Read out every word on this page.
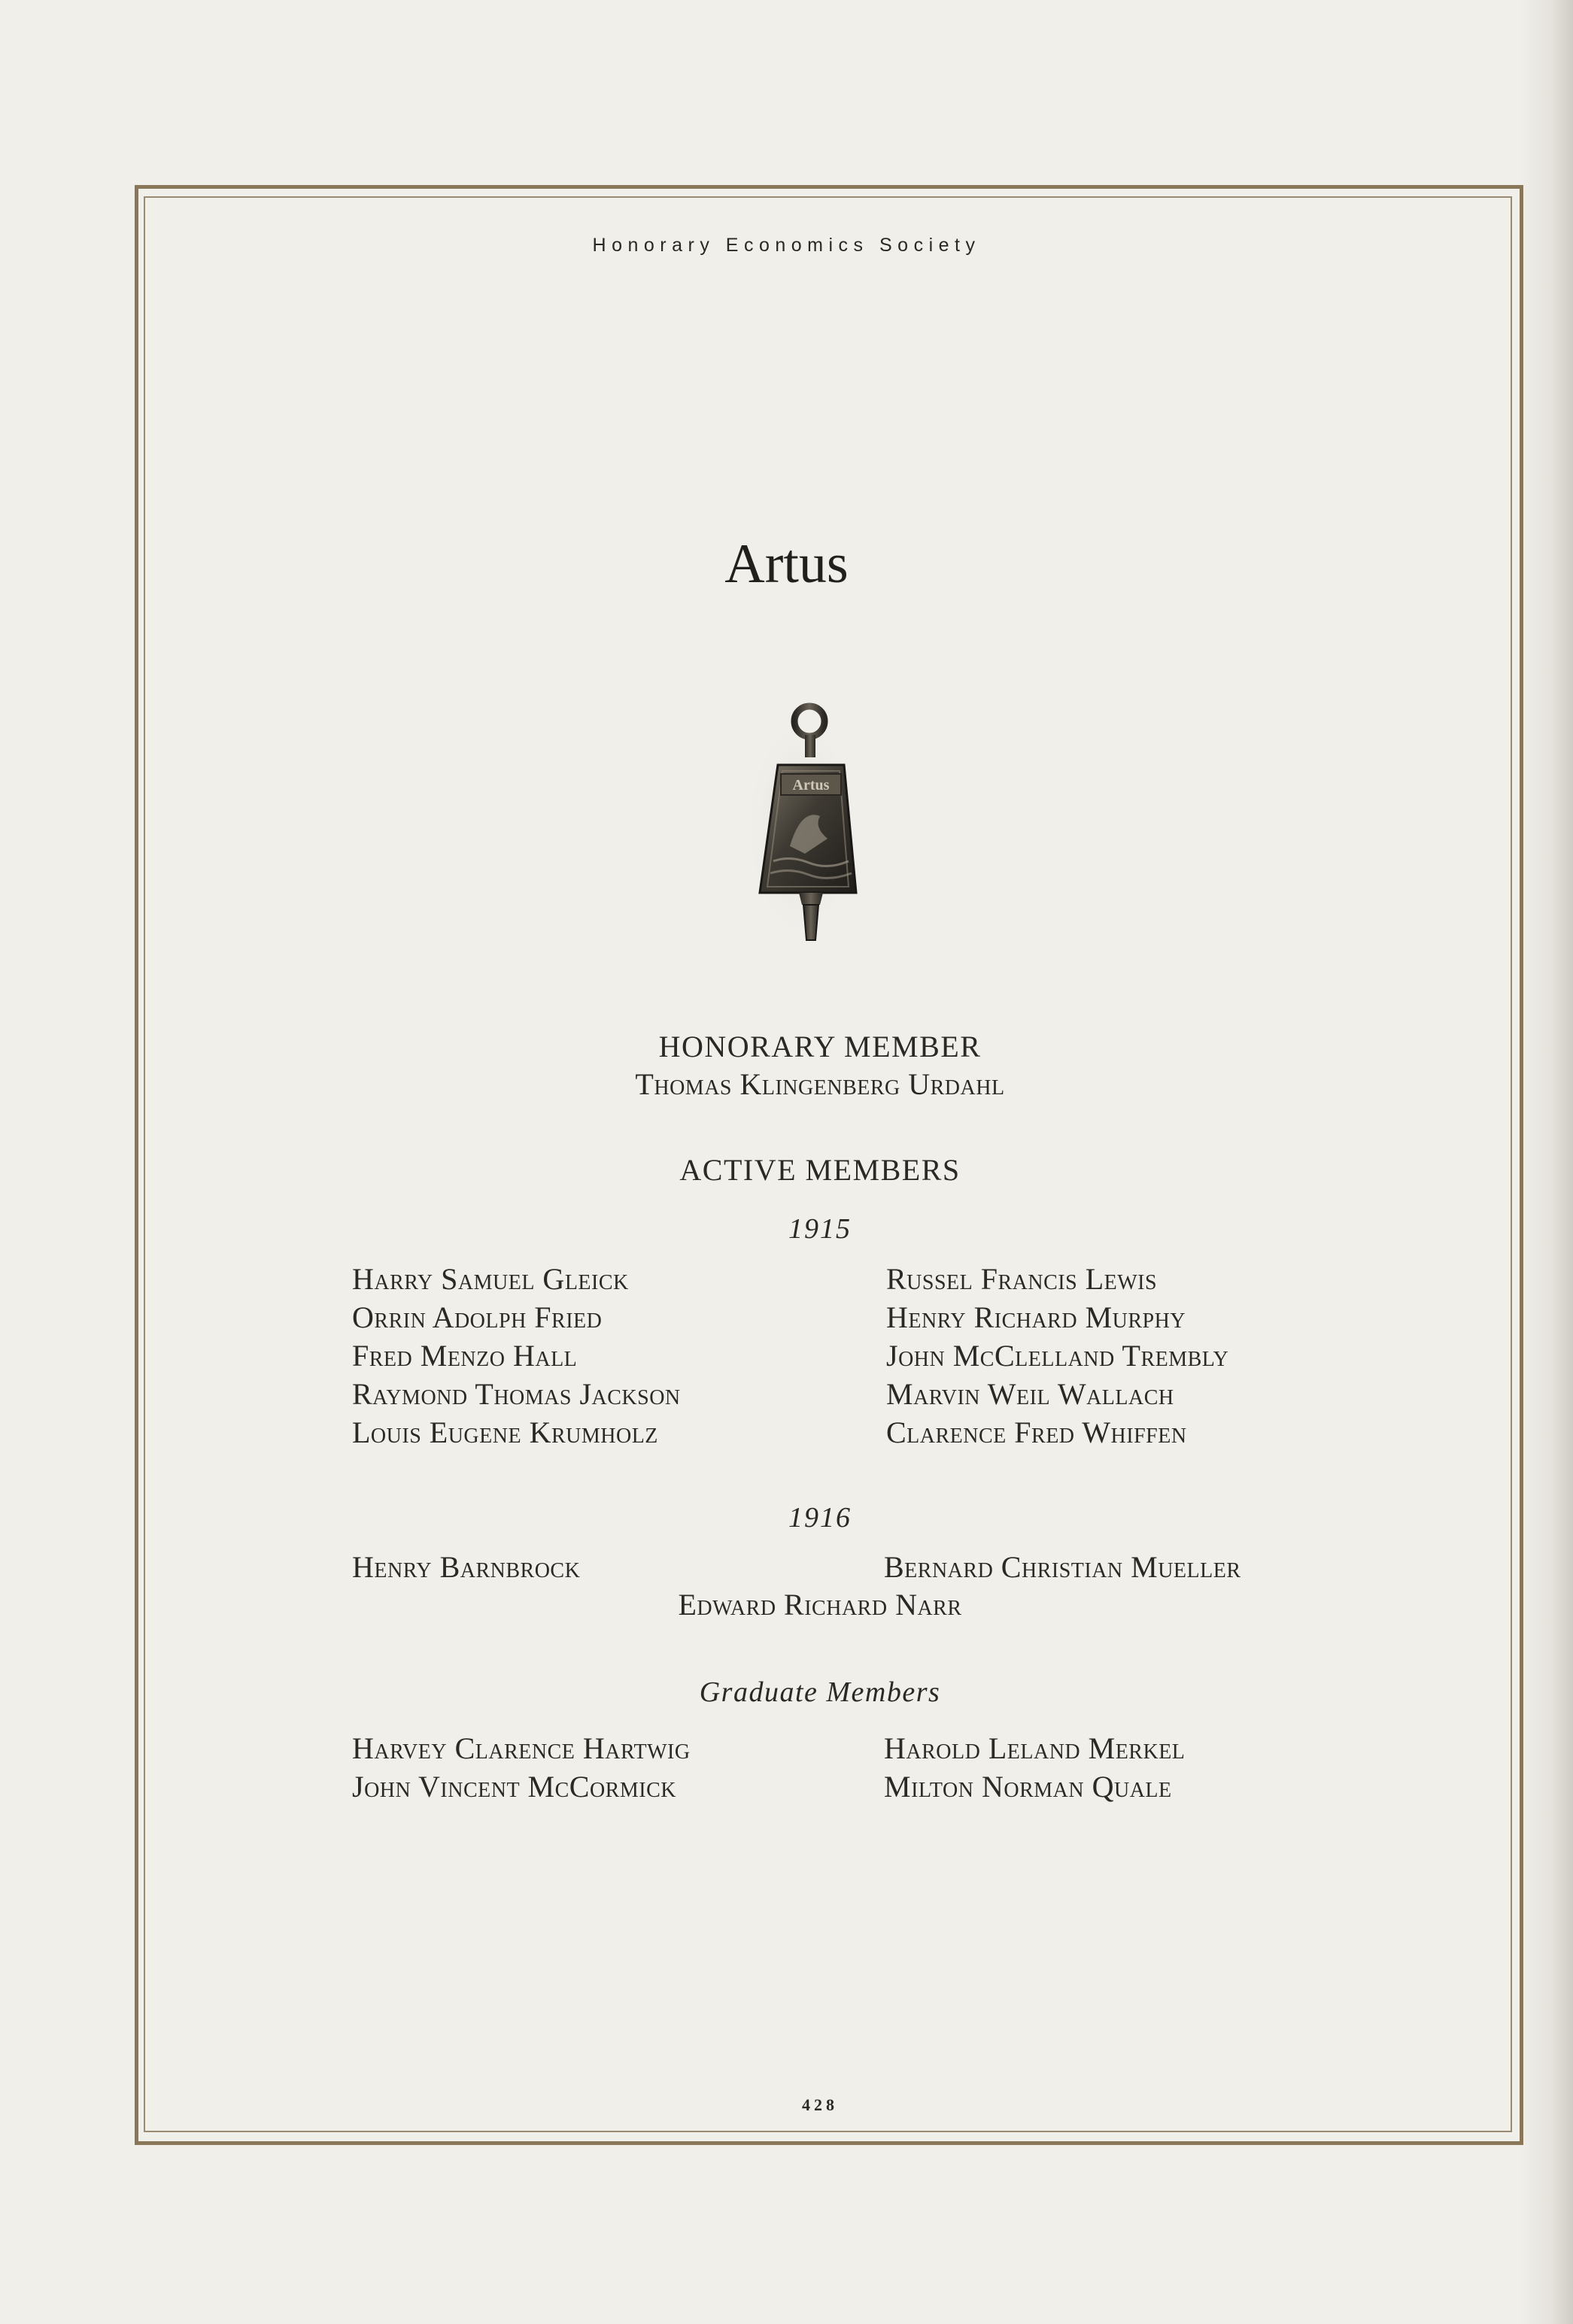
Honorary Economics Society
Artus
Artus
HONORARY MEMBER
Thomas Klingenberg Urdahl
ACTIVE MEMBERS
1915
Harry Samuel Gleick
Orrin Adolph Fried
Fred Menzo Hall
Raymond Thomas Jackson
Louis Eugene Krumholz
Russel Francis Lewis
Henry Richard Murphy
John McClelland Trembly
Marvin Weil Wallach
Clarence Fred Whiffen
1916
Henry Barnbrock	Bernard Christian Mueller
Edward Richard Narr
Graduate Members
Harvey Clarence Hartwig
John Vincent McCormick
Harold Leland Merkel
Milton Norman Quale
428
